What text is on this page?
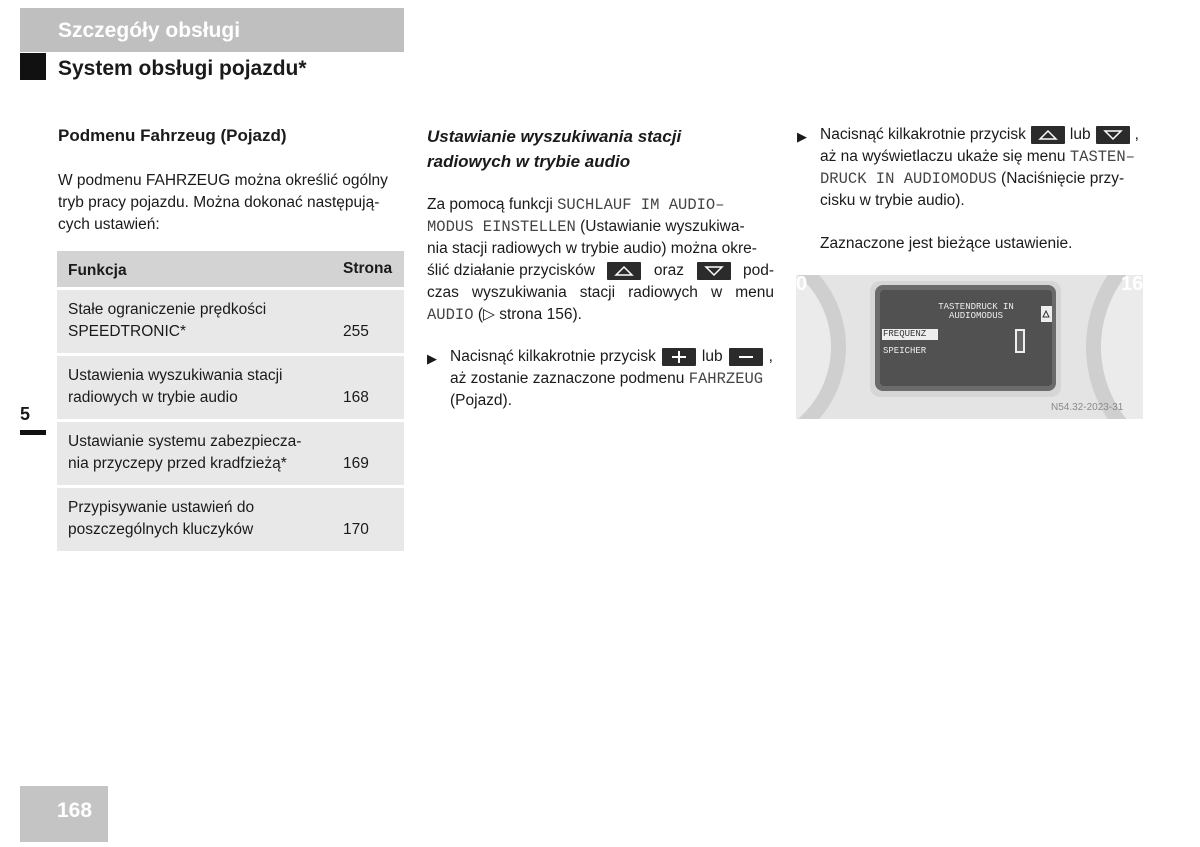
Szczegóły obsługi
System obsługi pojazdu*
Podmenu Fahrzeug (Pojazd)
W podmenu FAHRZEUG można określić ogólny
tryb pracy pojazdu. Można dokonać następują-
cych ustawień:
Funkcja	Strona
Stałe ograniczenie prędkości
SPEEDTRONIC*	255
Ustawienia wyszukiwania stacji
radiowych w trybie audio	168
Ustawianie systemu zabezpiecza-
nia przyczepy przed kradfzieżą*	169
Przypisywanie ustawień do
poszczególnych kluczyków	170
5
Ustawianie wyszukiwania stacji
radiowych w trybie audio
Za pomocą funkcji SUCHLAUF IM AUDIO–
MODUS EINSTELLEN (Ustawianie wyszukiwa-
nia stacji radiowych w trybie audio) można okre-
ślić działanie przycisków	oraz	pod-
czas wyszukiwania stacji radiowych w menu
AUDIO (▷ strona 156).
▶ Nacisnąć kilkakrotnie przycisk	lub	,
aż zostanie zaznaczone podmenu FAHRZEUG
(Pojazd).
▶ Nacisnąć kilkakrotnie przycisk	lub	,
aż na wyświetlaczu ukaże się menu TASTEN–
DRUCK IN AUDIOMODUS (Naciśnięcie przy-
cisku w trybie audio).
Zaznaczone jest bieżące ustawienie.
TASTENDRUCK IN
AUDIOMODUS
FREQUENZ
SPEICHER
0	16
N54.32-2023-31
168
